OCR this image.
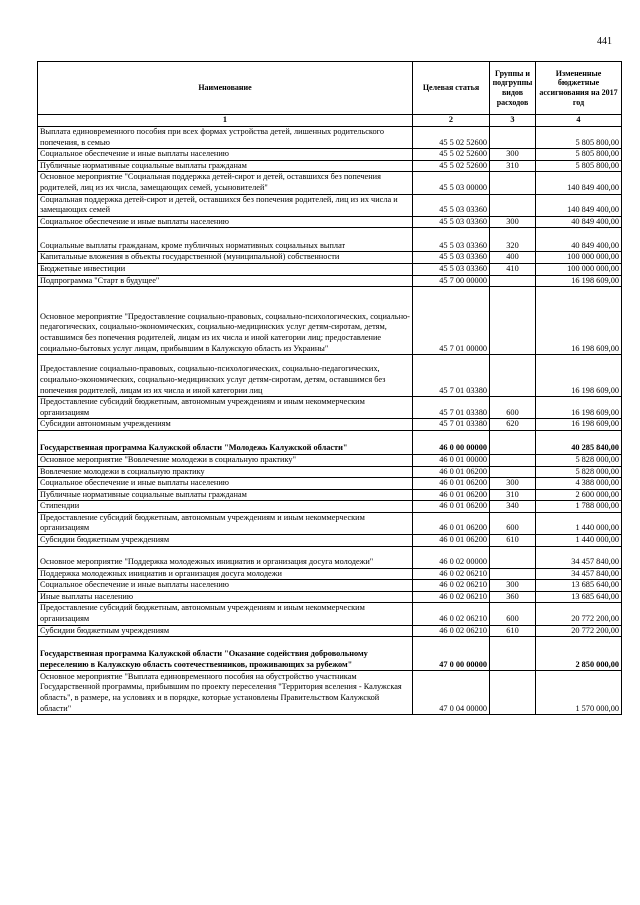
441
Наименование	Целевая статья	Группы и подгруппы видов расходов	Измененные бюджетные ассигнования на 2017 год
1	2	3	4
Выплата единовременного пособия при всех формах устройства детей, лишенных родительского попечения, в семью	45 5 02 52600		5 805 800,00
Социальное обеспечение и иные выплаты населению	45 5 02 52600	300	5 805 800,00
Публичные нормативные социальные выплаты гражданам	45 5 02 52600	310	5 805 800,00
Основное мероприятие "Социальная поддержка детей-сирот и детей, оставшихся без попечения родителей, лиц из их числа, замещающих семей, усыновителей"	45 5 03 00000		140 849 400,00
Социальная поддержка детей-сирот и детей, оставшихся без попечения родителей, лиц из их числа и замещающих семей	45 5 03 03360		140 849 400,00
Социальное обеспечение и иные выплаты населению	45 5 03 03360	300	40 849 400,00
Социальные выплаты гражданам, кроме публичных нормативных социальных выплат	45 5 03 03360	320	40 849 400,00
Капитальные вложения в объекты государственной (муниципальной) собственности	45 5 03 03360	400	100 000 000,00
Бюджетные инвестиции	45 5 03 03360	410	100 000 000,00
Подпрограмма "Старт в будущее"	45 7 00 00000		16 198 609,00
Основное мероприятие "Предоставление социально-правовых, социально-психологических, социально-педагогических, социально-экономических, социально-медицинских услуг детям-сиротам, детям, оставшимся без попечения родителей, лицам из их числа и иной категории лиц; предоставление социально-бытовых услуг лицам, прибывшим в Калужскую область из Украины"	45 7 01 00000		16 198 609,00
Предоставление социально-правовых, социально-психологических, социально-педагогических, социально-экономических, социально-медицинских услуг детям-сиротам, детям, оставшимся без попечения родителей, лицам из их числа и иной категории лиц	45 7 01 03380		16 198 609,00
Предоставление субсидий бюджетным, автономным учреждениям и иным некоммерческим организациям	45 7 01 03380	600	16 198 609,00
Субсидии автономным учреждениям	45 7 01 03380	620	16 198 609,00
Государственная программа Калужской области "Молодежь Калужской области"	46 0 00 00000		40 285 840,00
Основное мероприятие "Вовлечение молодежи в социальную практику"	46 0 01 00000		5 828 000,00
Вовлечение молодежи в социальную практику	46 0 01 06200		5 828 000,00
Социальное обеспечение и иные выплаты населению	46 0 01 06200	300	4 388 000,00
Публичные нормативные социальные выплаты гражданам	46 0 01 06200	310	2 600 000,00
Стипендии	46 0 01 06200	340	1 788 000,00
Предоставление субсидий бюджетным, автономным учреждениям и иным некоммерческим организациям	46 0 01 06200	600	1 440 000,00
Субсидии бюджетным учреждениям	46 0 01 06200	610	1 440 000,00
Основное мероприятие "Поддержка молодежных инициатив и организация досуга молодежи"	46 0 02 00000		34 457 840,00
Поддержка молодежных инициатив и организация досуга молодежи	46 0 02 06210		34 457 840,00
Социальное обеспечение и иные выплаты населению	46 0 02 06210	300	13 685 640,00
Иные выплаты населению	46 0 02 06210	360	13 685 640,00
Предоставление субсидий бюджетным, автономным учреждениям и иным некоммерческим организациям	46 0 02 06210	600	20 772 200,00
Субсидии бюджетным учреждениям	46 0 02 06210	610	20 772 200,00
Государственная программа Калужской области "Оказание содействия добровольному переселению в Калужскую область соотечественников, проживающих за рубежом"	47 0 00 00000		2 850 000,00
Основное мероприятие "Выплата единовременного пособия на обустройство участникам Государственной программы, прибывшим по проекту переселения "Территория вселения - Калужская область", в размере, на условиях и в порядке, которые установлены Правительством Калужской области"	47 0 04 00000		1 570 000,00
